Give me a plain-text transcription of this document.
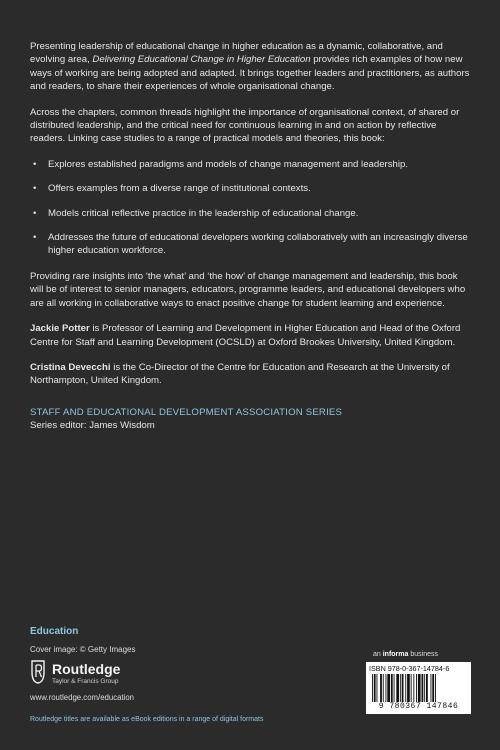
Presenting leadership of educational change in higher education as a dynamic, collaborative, and evolving area, Delivering Educational Change in Higher Education provides rich examples of how new ways of working are being adopted and adapted. It brings together leaders and practitioners, as authors and readers, to share their experiences of whole organisational change.

Across the chapters, common threads highlight the importance of organisational context, of shared or distributed leadership, and the critical need for continuous learning in and on action by reflective readers. Linking case studies to a range of practical models and theories, this book:

• Explores established paradigms and models of change management and leadership.
• Offers examples from a diverse range of institutional contexts.
• Models critical reflective practice in the leadership of educational change.
• Addresses the future of educational developers working collaboratively with an increasingly diverse higher education workforce.

Providing rare insights into ‘the what’ and ‘the how’ of change management and leadership, this book will be of interest to senior managers, educators, programme leaders, and educational developers who are all working in collaborative ways to enact positive change for student learning and experience.

Jackie Potter is Professor of Learning and Development in Higher Education and Head of the Oxford Centre for Staff and Learning Development (OCSLD) at Oxford Brookes University, United Kingdom.

Cristina Devecchi is the Co-Director of the Centre for Education and Research at the University of Northampton, United Kingdom.

STAFF AND EDUCATIONAL DEVELOPMENT ASSOCIATION SERIES
Series editor: James Wisdom
Education
Cover image: © Getty Images
Routledge
Taylor & Francis Group
www.routledge.com/education
Routledge titles are available as eBook editions in a range of digital formats
an informa business
ISBN 978-0-367-14784-6
9 780367 147846
